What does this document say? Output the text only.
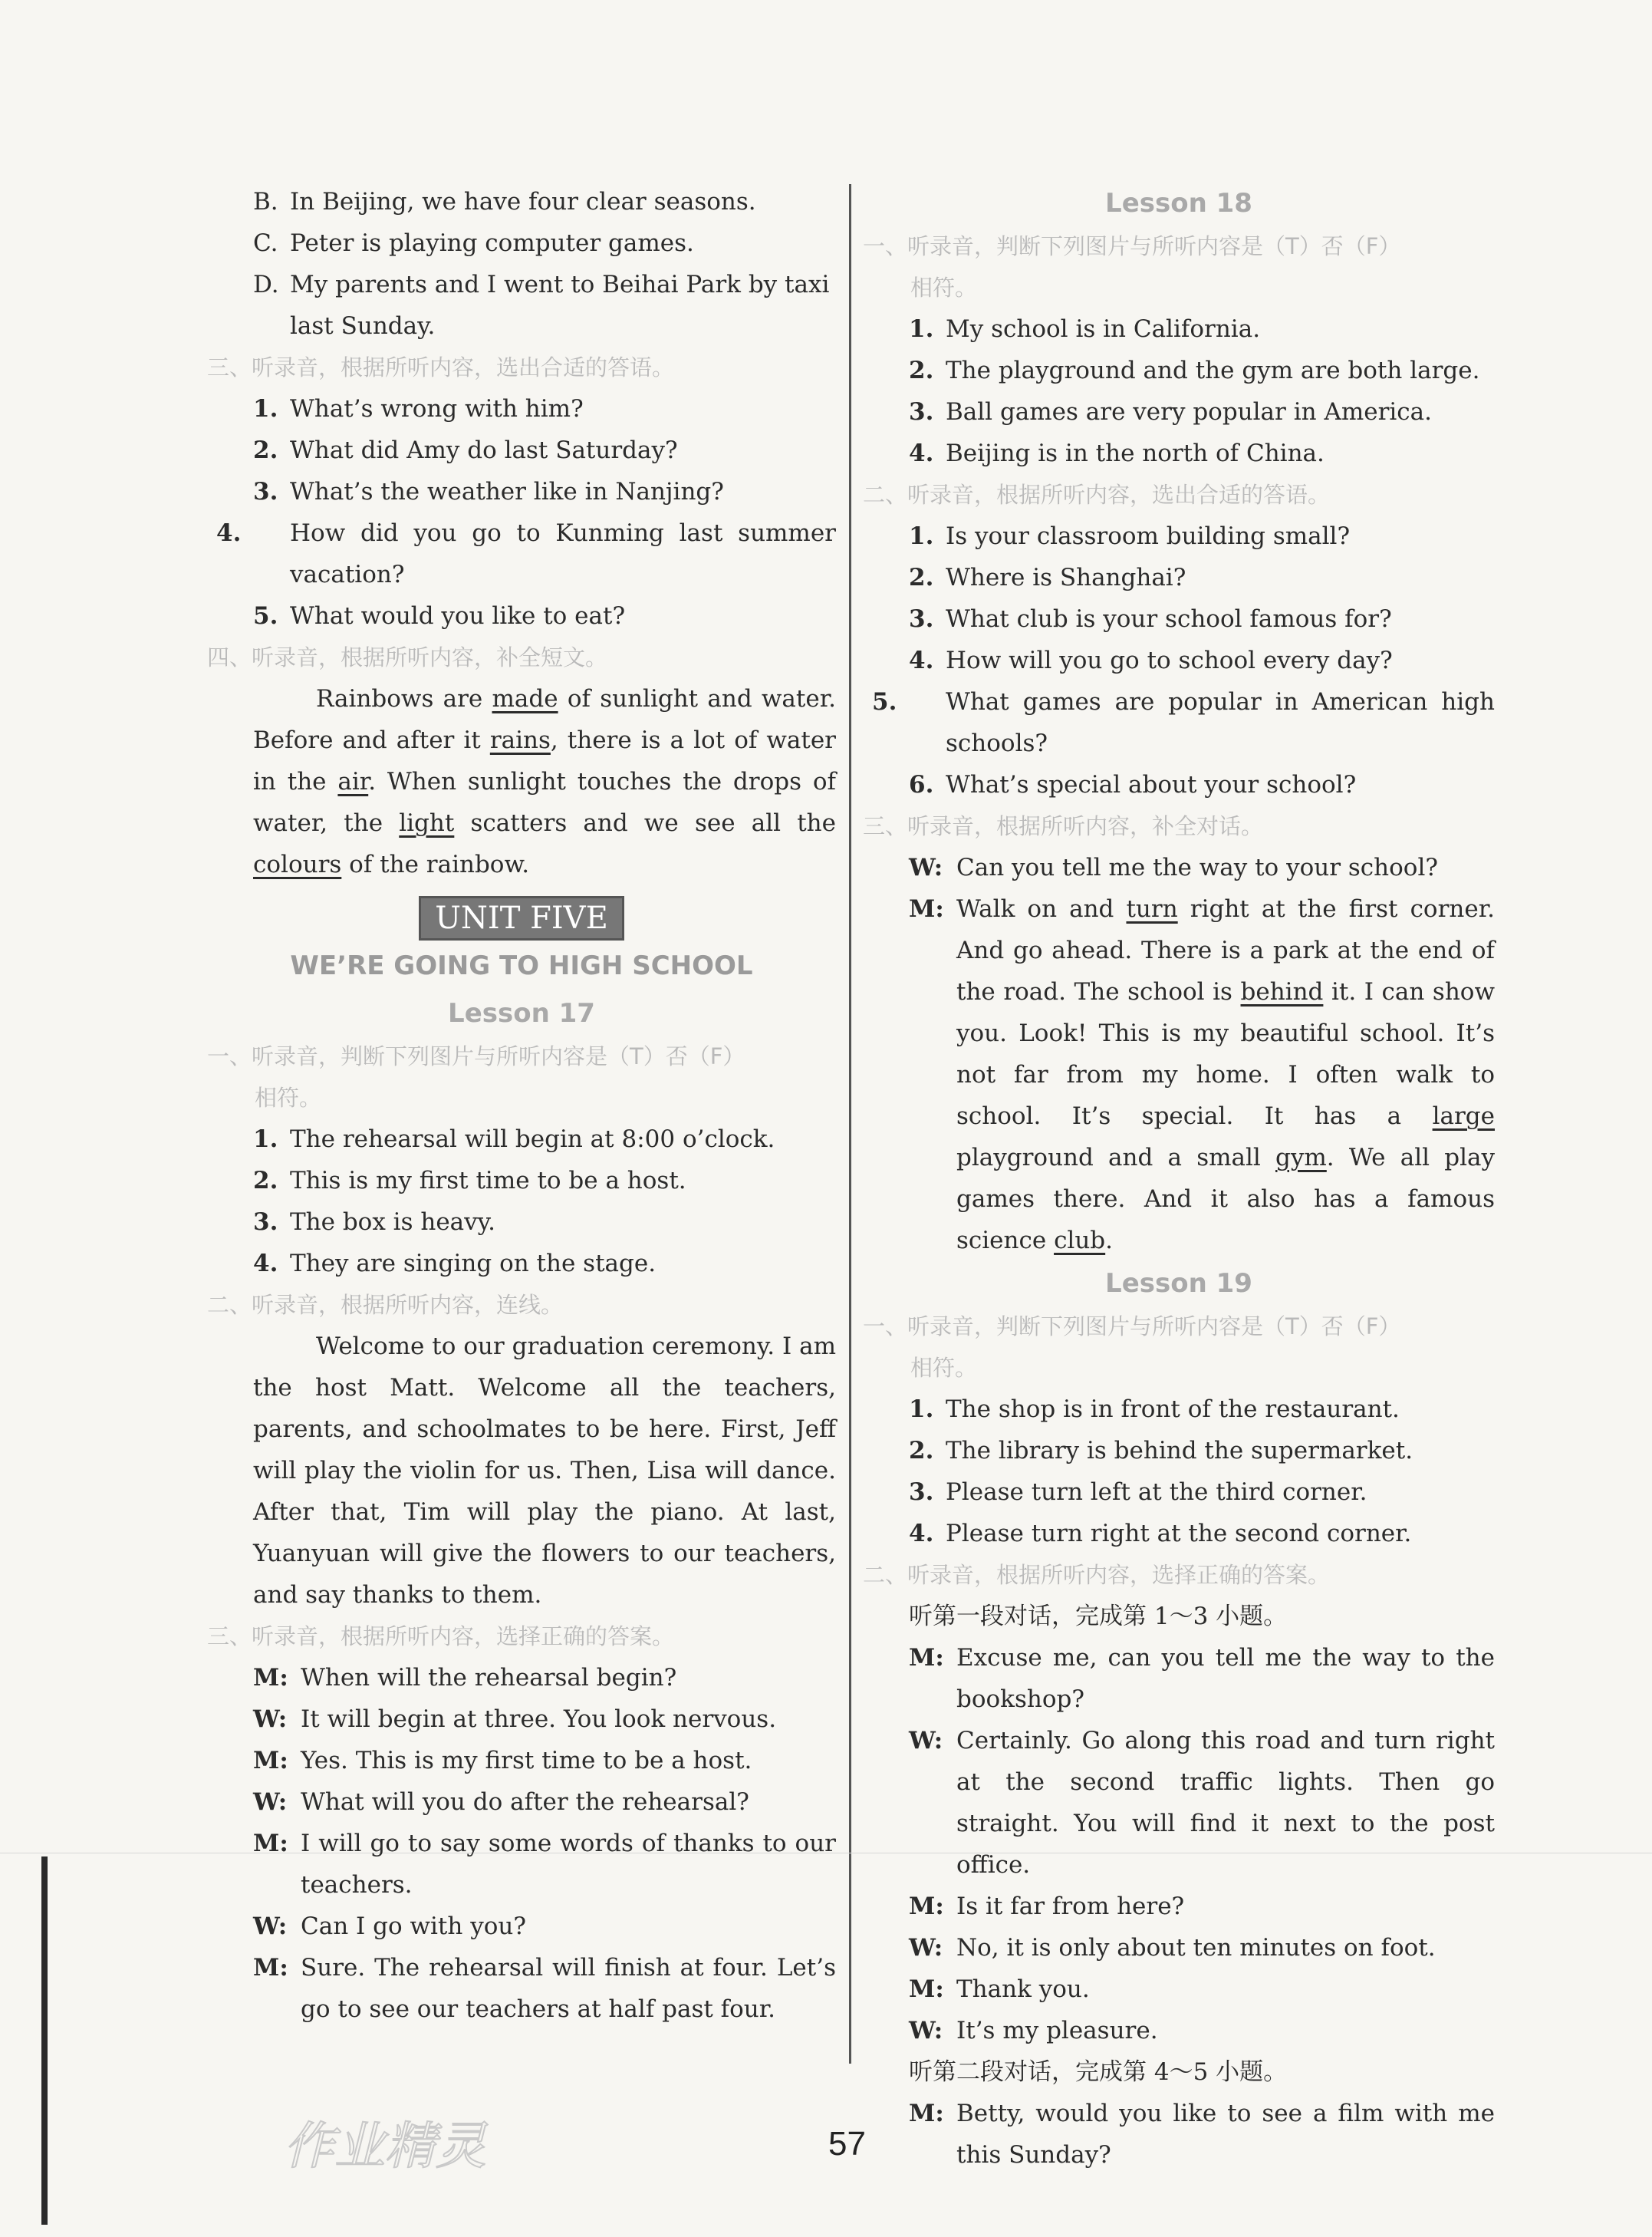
B. In Beijing, we have four clear seasons.
C. Peter is playing computer games.
D. My parents and I went to Beihai Park by taxi
last Sunday.
三、听录音，根据所听内容，选出合适的答语。
1. What’s wrong with him?
2. What did Amy do last Saturday?
3. What’s the weather like in Nanjing?
4. How did you go to Kunming last summer vacation?
5. What would you like to eat?
四、听录音，根据所听内容，补全短文。
Rainbows are made of sunlight and water. Before and after it rains, there is a lot of water in the air. When sunlight touches the drops of water, the light scatters and we see all the colours of the rainbow.
UNIT FIVE
WE’RE GOING TO HIGH SCHOOL
Lesson 17
一、听录音，判断下列图片与所听内容是（T）否（F）
相符。
1. The rehearsal will begin at 8:00 o’clock.
2. This is my first time to be a host.
3. The box is heavy.
4. They are singing on the stage.
二、听录音，根据所听内容，连线。
Welcome to our graduation ceremony. I am the host Matt. Welcome all the teachers, parents, and schoolmates to be here. First, Jeff will play the violin for us. Then, Lisa will dance. After that, Tim will play the piano. At last, Yuanyuan will give the flowers to our teachers, and say thanks to them.
三、听录音，根据所听内容，选择正确的答案。
M: When will the rehearsal begin?
W: It will begin at three. You look nervous.
M: Yes. This is my first time to be a host.
W: What will you do after the rehearsal?
M: I will go to say some words of thanks to our teachers.
W: Can I go with you?
M: Sure. The rehearsal will finish at four. Let’s go to see our teachers at half past four.
Lesson 18
一、听录音，判断下列图片与所听内容是（T）否（F）
相符。
1. My school is in California.
2. The playground and the gym are both large.
3. Ball games are very popular in America.
4. Beijing is in the north of China.
二、听录音，根据所听内容，选出合适的答语。
1. Is your classroom building small?
2. Where is Shanghai?
3. What club is your school famous for?
4. How will you go to school every day?
5. What games are popular in American high schools?
6. What’s special about your school?
三、听录音，根据所听内容，补全对话。
W: Can you tell me the way to your school?
M: Walk on and turn right at the first corner. And go ahead. There is a park at the end of the road. The school is behind it. I can show you. Look! This is my beautiful school. It’s not far from my home. I often walk to school. It’s special. It has a large playground and a small gym. We all play games there. And it also has a famous science club.
Lesson 19
一、听录音，判断下列图片与所听内容是（T）否（F）
相符。
1. The shop is in front of the restaurant.
2. The library is behind the supermarket.
3. Please turn left at the third corner.
4. Please turn right at the second corner.
二、听录音，根据所听内容，选择正确的答案。
听第一段对话，完成第 1～3 小题。
M: Excuse me, can you tell me the way to the bookshop?
W: Certainly. Go along this road and turn right at the second traffic lights. Then go straight. You will find it next to the post office.
M: Is it far from here?
W: No, it is only about ten minutes on foot.
M: Thank you.
W: It’s my pleasure.
听第二段对话，完成第 4～5 小题。
M: Betty, would you like to see a film with me this Sunday?
作业精灵	57
